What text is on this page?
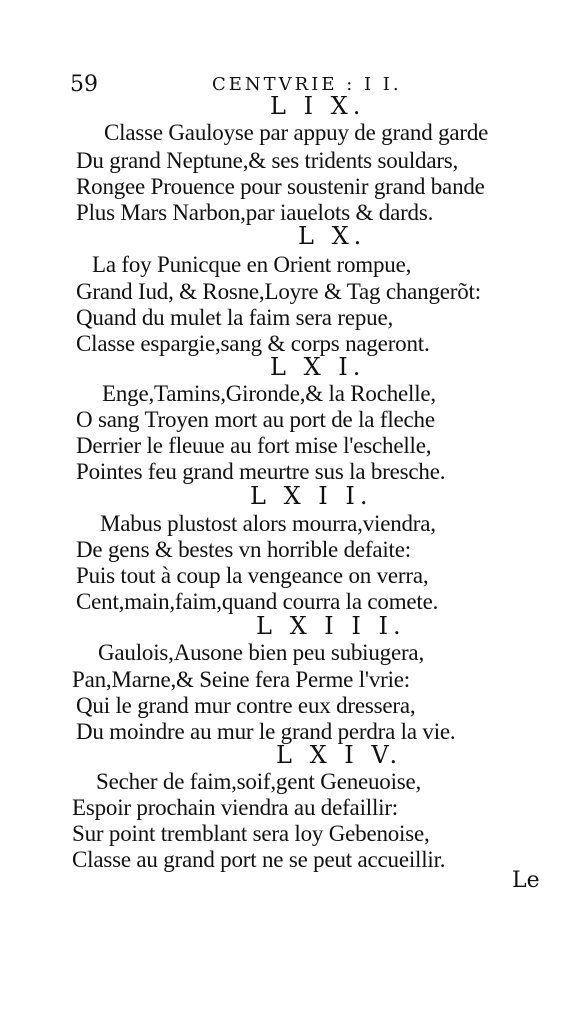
59	CENTVRIE : I I.
L I X.
Classe Gauloyse par appuy de grand garde
Du grand Neptune,& ses tridents souldars,
Rongee Prouence pour soustenir grand bande
Plus Mars Narbon,par iauelots & dards.
L X.
La foy Punicque en Orient rompue,
Grand Iud, & Rosne,Loyre & Tag changerõt:
Quand du mulet la faim sera repue,
Classe espargie,sang & corps nageront.
L X I.
Enge,Tamins,Gironde,& la Rochelle,
O sang Troyen mort au port de la fleche
Derrier le fleuue au fort mise l'eschelle,
Pointes feu grand meurtre sus la bresche.
L X I I.
Mabus plustost alors mourra,viendra,
De gens & bestes vn horrible defaite:
Puis tout à coup la vengeance on verra,
Cent,main,faim,quand courra la comete.
L X I I I.
Gaulois,Ausone bien peu subiugera,
Pan,Marne,& Seine fera Perme l'vrie:
Qui le grand mur contre eux dressera,
Du moindre au mur le grand perdra la vie.
L X I V.
Secher de faim,soif,gent Geneuoise,
Espoir prochain viendra au defaillir:
Sur point tremblant sera loy Gebenoise,
Classe au grand port ne se peut accueillir.
Le
